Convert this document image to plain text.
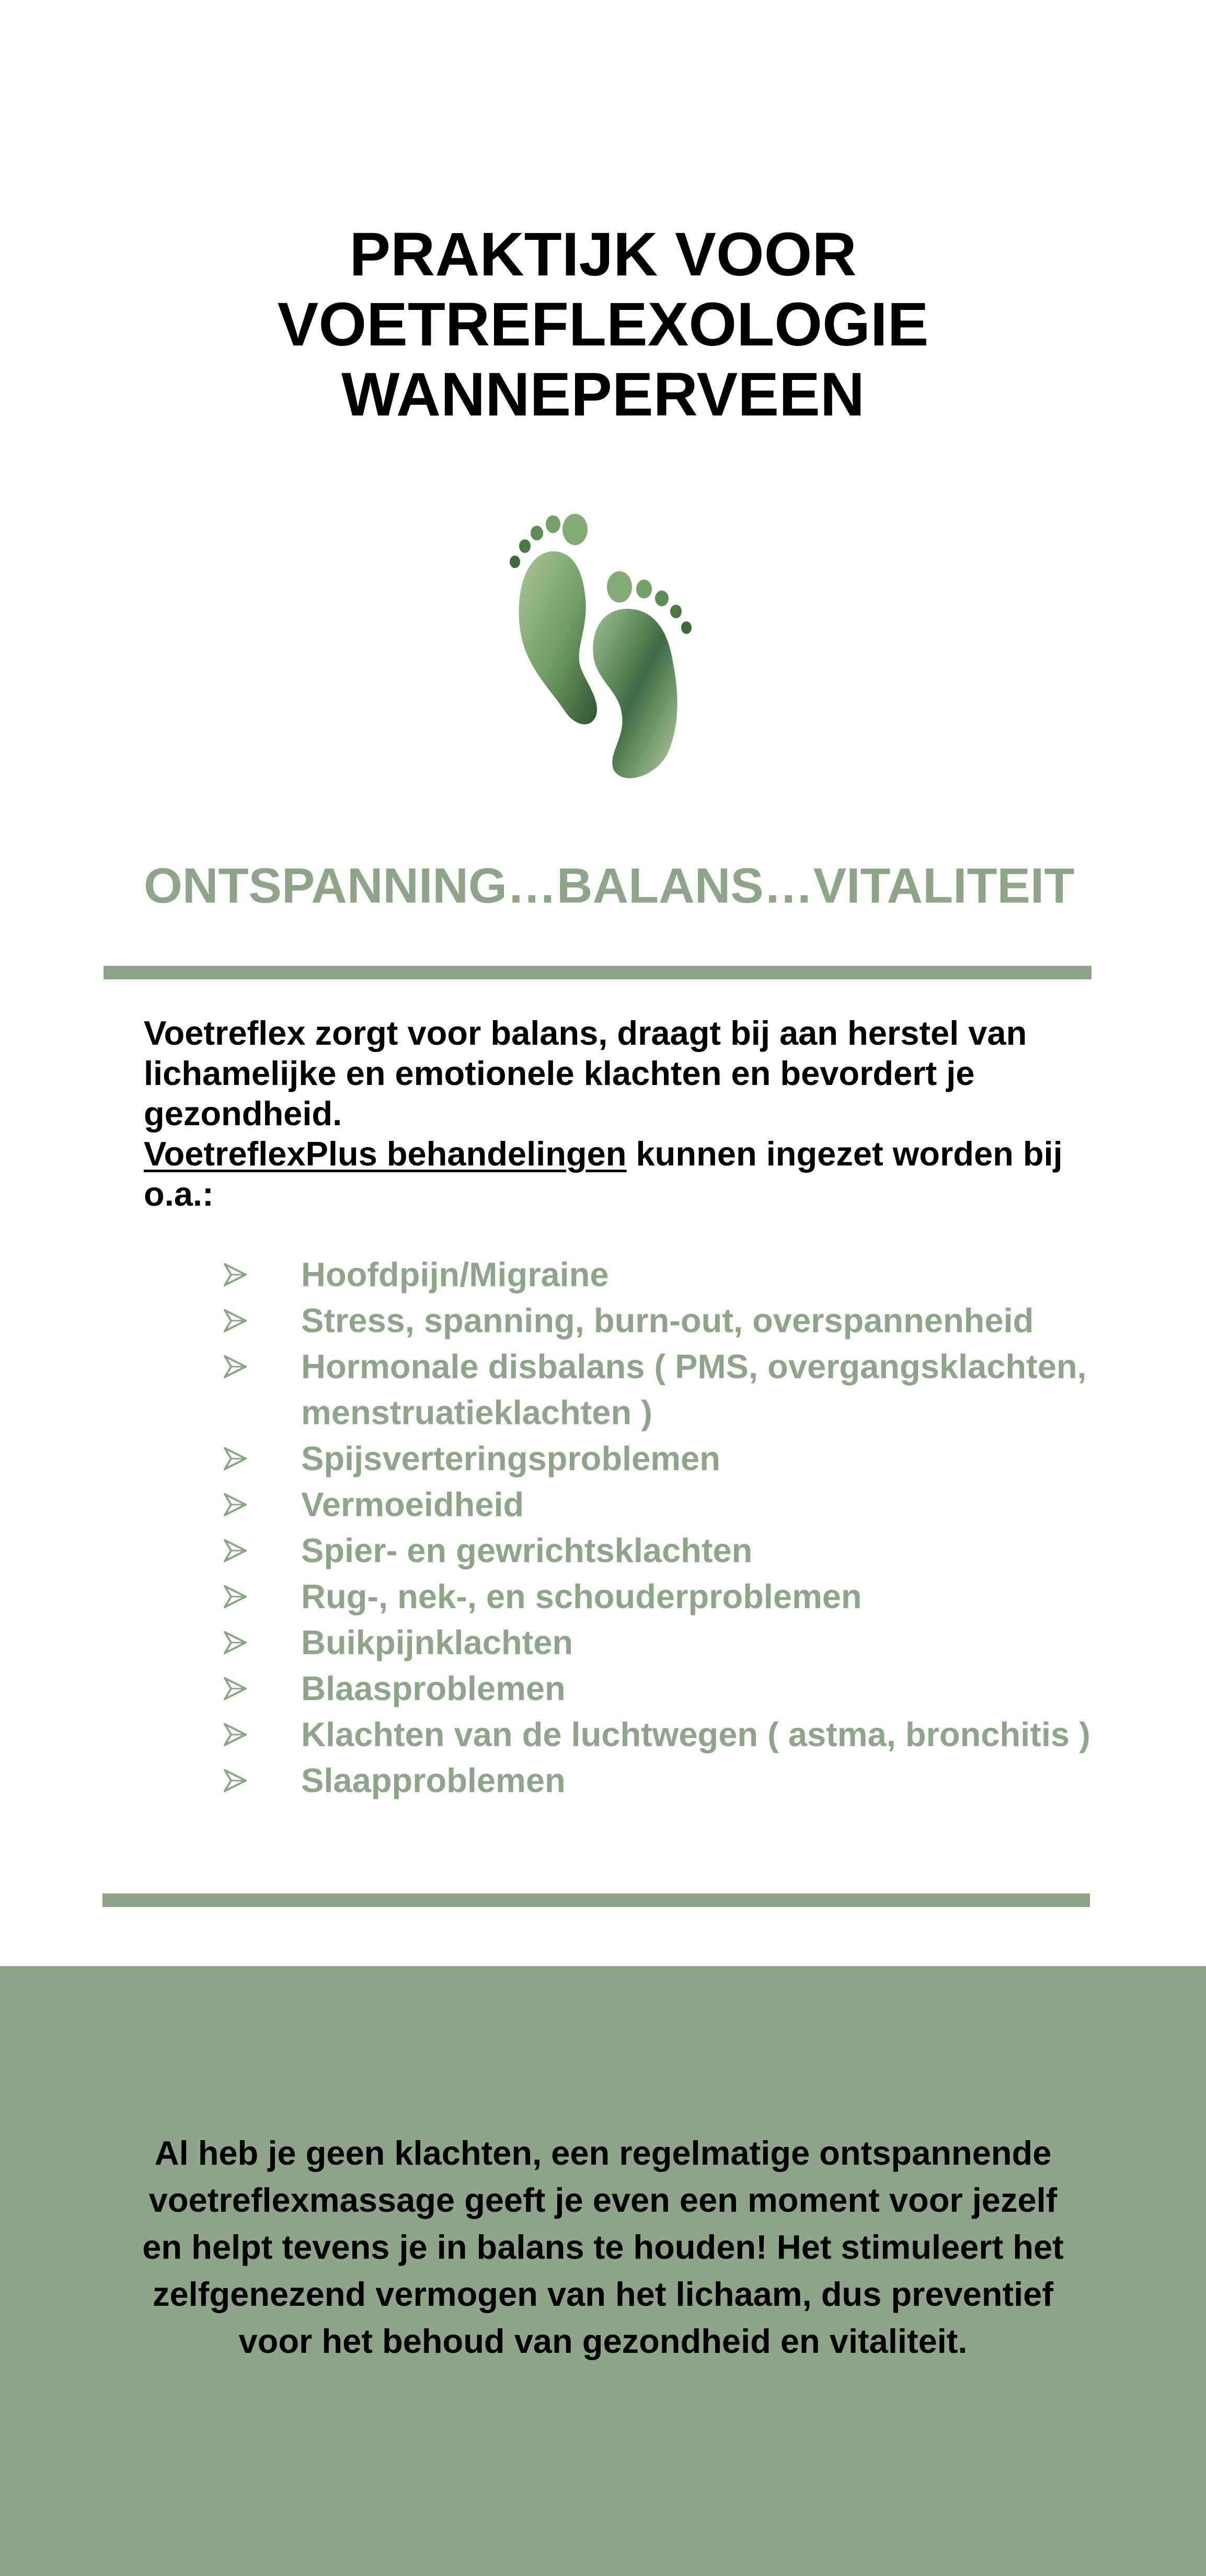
PRAKTIJK VOOR
VOETREFLEXOLOGIE
WANNEPERVEEN
ONTSPANNING…BALANS…VITALITEIT

Voetreflex zorgt voor balans, draagt bij aan herstel van lichamelijke en emotionele klachten en bevordert je gezondheid.
VoetreflexPlus behandelingen kunnen ingezet worden bij o.a.:

Hoofdpijn/Migraine
Stress, spanning, burn-out, overspannenheid
Hormonale disbalans ( PMS, overgangsklachten, menstruatieklachten )
Spijsverteringsproblemen
Vermoeidheid
Spier- en gewrichtsklachten
Rug-, nek-, en schouderproblemen
Buikpijnklachten
Blaasproblemen
Klachten van de luchtwegen ( astma, bronchitis )
Slaapproblemen

Al heb je geen klachten, een regelmatige ontspannende voetreflexmassage geeft je even een moment voor jezelf en helpt tevens je in balans te houden! Het stimuleert het zelfgenezend vermogen van het lichaam, dus preventief voor het behoud van gezondheid en vitaliteit.
